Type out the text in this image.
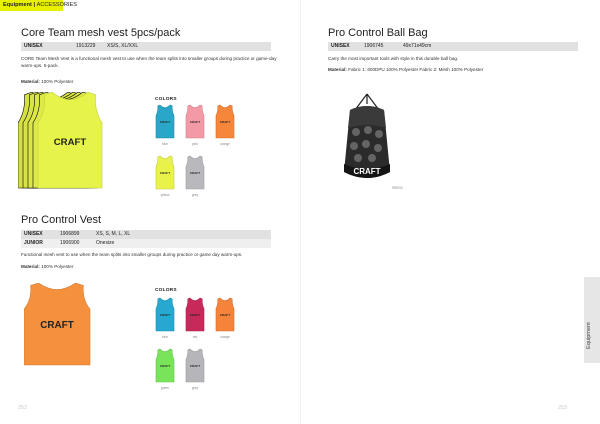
Equipment | ACCESSORIES
Core Team mesh vest 5pcs/pack
UNISEX	1913229 XS/S, XL/XXL
CORE Team Mesh Vest is a functional mesh vest to use when the team splits into smaller groups during practice or game-day warm-ups. 5-pack.
Material: 100% Polyester
CRAFT
COLORS
CRAFT
blue
CRAFT
pink
CRAFT
orange
CRAFT
yellow
CRAFT
grey
Pro Control Vest
UNISEX	1906899	XS, S, M, L, XL
JUNIOR	1906900	Onesize
Functional mesh vest to use when the team splits into smaller groups during practice or game day warm-ups.
Material: 100% Polyester
CRAFT
COLORS
CRAFT
blue
CRAFT
red
CRAFT
orange
CRAFT
green
CRAFT
grey
252
Pro Control Ball Bag
UNISEX	1906745	49x71x49cm
Carry the most important tools with style in this durable ball bag.
Material: Fabric 1: 600DPU 100% Polyester Fabric 2: Mesh 100% Polyester
CRAFT
999000
253
Equipment
